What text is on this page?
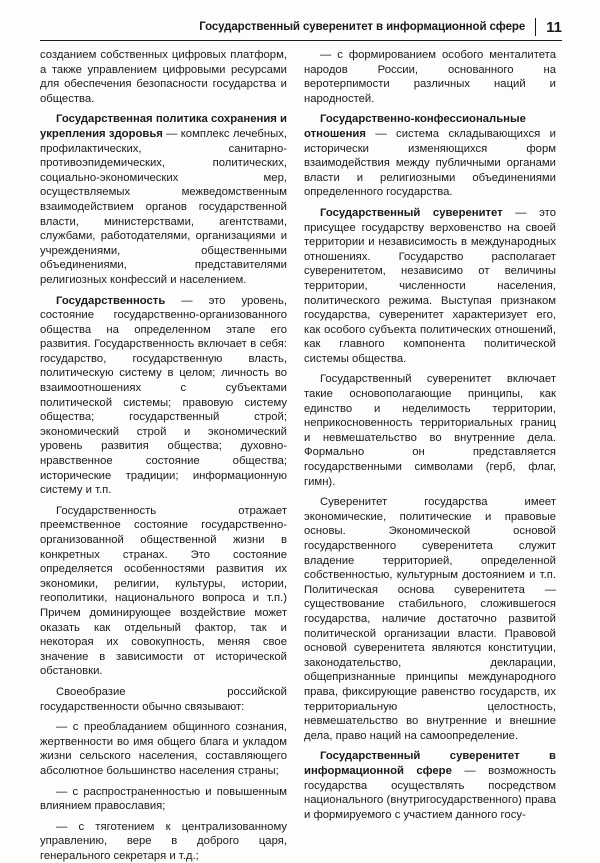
Государственный суверенитет в информационной сфере 11

созданием собственных цифровых платформ, а также управлением цифровыми ресурсами для обеспечения безопасности государства и общества.

Государственная политика сохранения и укрепления здоровья — комплекс лечебных, профилактических, санитарно-противоэпидемических, политических, социально-экономических мер, осуществляемых межведомственным взаимодействием органов государственной власти, министерствами, агентствами, службами, работодателями, организациями и учреждениями, общественными объединениями, представителями религиозных конфессий и населением.

Государственность — это уровень, состояние государственно-организованного общества на определенном этапе его развития. Государственность включает в себя: государство, государственную власть, политическую систему в целом; личность во взаимоотношениях с субъектами политической системы; правовую систему общества; государственный строй; экономический строй и экономический уровень развития общества; духовно-нравственное состояние общества; исторические традиции; информационную систему и т.п.

Государственность отражает преемственное состояние государственно-организованной общественной жизни в конкретных странах. Это состояние определяется особенностями развития их экономики, религии, культуры, истории, геополитики, национального вопроса и т.п.) Причем доминирующее воздействие может оказать как отдельный фактор, так и некоторая их совокупность, меняя свое значение в зависимости от исторической обстановки.

Своеобразие российской государственности обычно связывают:

— с преобладанием общинного сознания, жертвенности во имя общего блага и укладом жизни сельского населения, составляющего абсолютное большинство населения страны;

— с распространенностью и повышенным влиянием православия;

— с тяготением к централизованному управлению, вере в доброго царя, генерального секретаря и т.д.;

— с формированием особого менталитета народов России, основанного на веротерпимости различных наций и народностей.

Государственно-конфессиональные отношения — система складывающихся и исторически изменяющихся форм взаимодействия между публичными органами власти и религиозными объединениями определенного государства.

Государственный суверенитет — это присущее государству верховенство на своей территории и независимость в международных отношениях. Государство располагает суверенитетом, независимо от величины территории, численности населения, политического режима. Выступая признаком государства, суверенитет характеризует его, как особого субъекта политических отношений, как главного компонента политической системы общества.

Государственный суверенитет включает такие основополагающие принципы, как единство и неделимость территории, неприкосновенность территориальных границ и невмешательство во внутренние дела. Формально он представляется государственными символами (герб, флаг, гимн).

Суверенитет государства имеет экономические, политические и правовые основы. Экономической основой государственного суверенитета служит владение территорией, определенной собственностью, культурным достоянием и т.п. Политическая основа суверенитета — существование стабильного, сложившегося государства, наличие достаточно развитой политической организации власти. Правовой основой суверенитета являются конституции, законодательство, декларации, общепризнанные принципы международного права, фиксирующие равенство государств, их территориальную целостность, невмешательство во внутренние и внешние дела, право наций на самоопределение.

Государственный суверенитет в информационной сфере — возможность государства осуществлять посредством национального (внутригосударственного) права и формируемого с участием данного госу-
